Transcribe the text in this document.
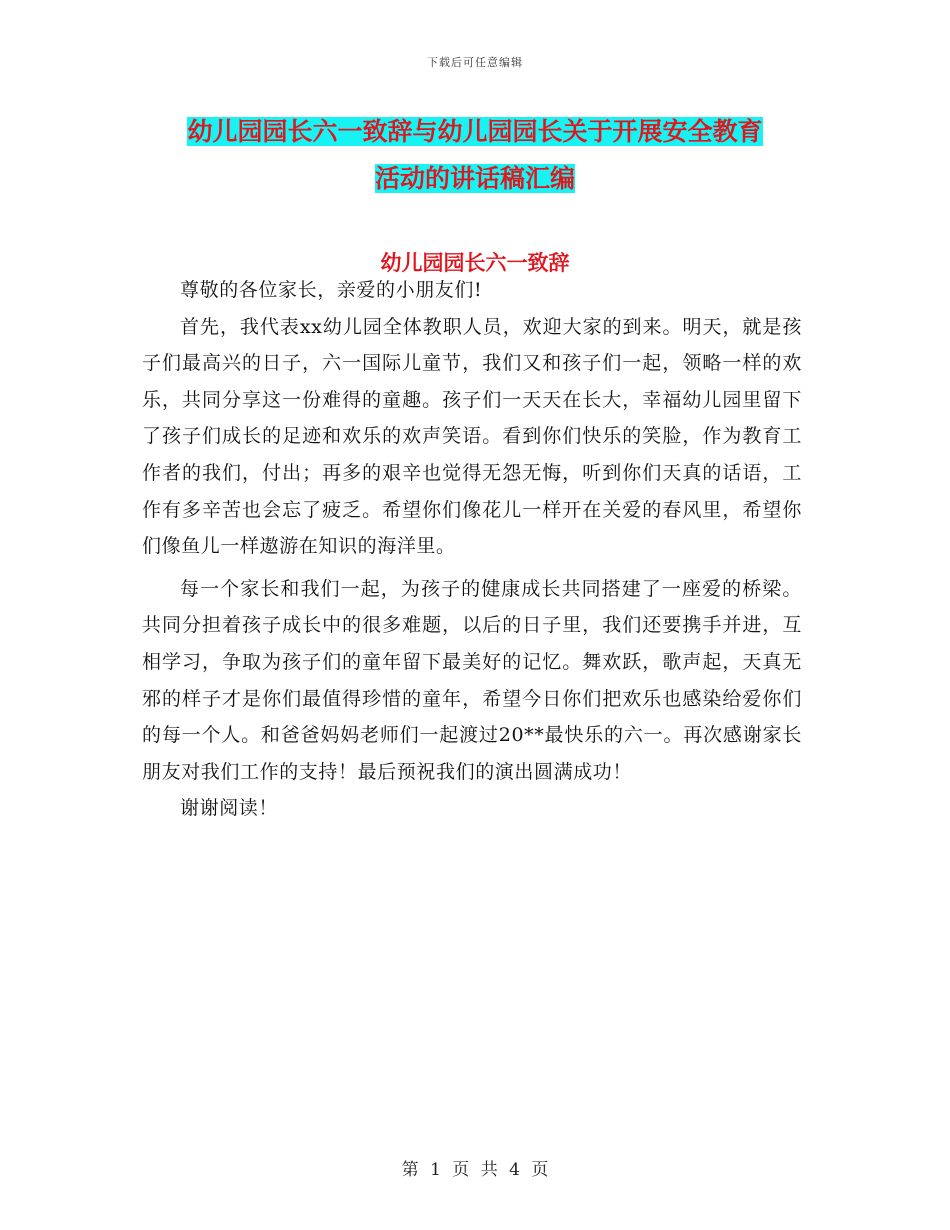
下载后可任意编辑
幼儿园园长六一致辞与幼儿园园长关于开展安全教育
活动的讲话稿汇编
幼儿园园长六一致辞

尊敬的各位家长，亲爱的小朋友们!

首先，我代表xx幼儿园全体教职人员，欢迎大家的到来。明天，就是孩子们最高兴的日子，六一国际儿童节，我们又和孩子们一起，领略一样的欢乐，共同分享这一份难得的童趣。孩子们一天天在长大，幸福幼儿园里留下了孩子们成长的足迹和欢乐的欢声笑语。看到你们快乐的笑脸，作为教育工作者的我们，付出；再多的艰辛也觉得无怨无悔，听到你们天真的话语，工作有多辛苦也会忘了疲乏。希望你们像花儿一样开在关爱的春风里，希望你们像鱼儿一样遨游在知识的海洋里。

每一个家长和我们一起，为孩子的健康成长共同搭建了一座爱的桥梁。共同分担着孩子成长中的很多难题，以后的日子里，我们还要携手并进，互相学习，争取为孩子们的童年留下最美好的记忆。舞欢跃，歌声起，天真无邪的样子才是你们最值得珍惜的童年，希望今日你们把欢乐也感染给爱你们的每一个人。和爸爸妈妈老师们一起渡过20**最快乐的六一。再次感谢家长朋友对我们工作的支持！最后预祝我们的演出圆满成功！

谢谢阅读！

第 1 页 共 4 页
